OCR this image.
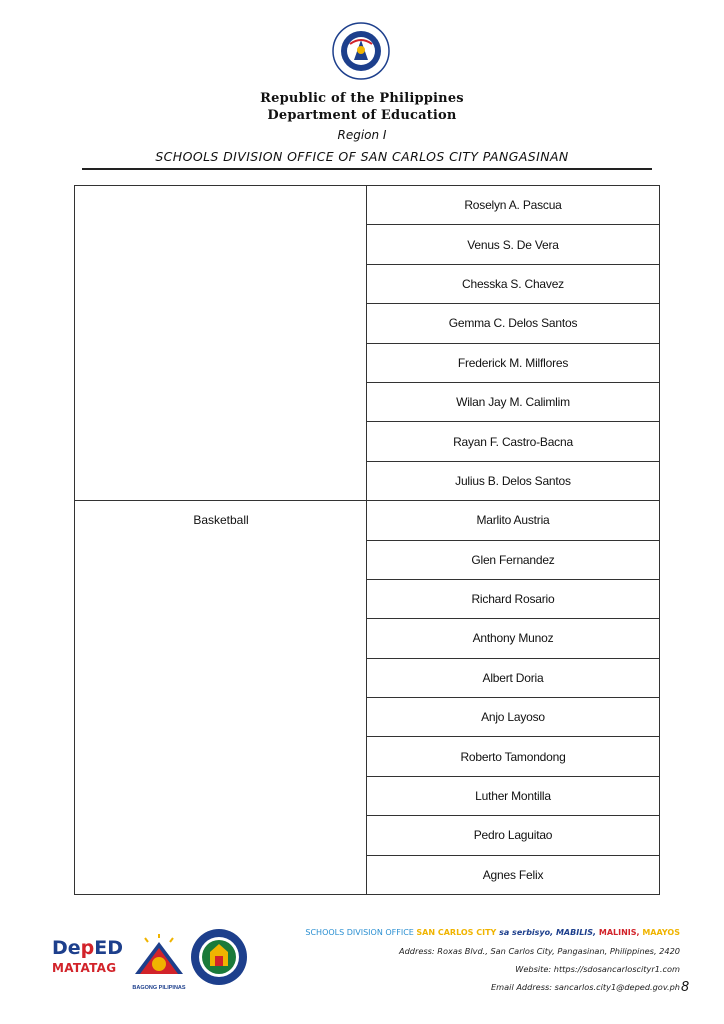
Republic of the Philippines
Department of Education
Region I
SCHOOLS DIVISION OFFICE OF SAN CARLOS CITY PANGASINAN
Basketball
Roselyn A. Pascua
Venus S. De Vera
Chesska S. Chavez
Gemma C. Delos Santos
Frederick M. Milflores
Wilan Jay M. Calimlim
Rayan F. Castro-Bacna
Julius B. Delos Santos
Marlito Austria
Glen Fernandez
Richard Rosario
Anthony Munoz
Albert Doria
Anjo Layoso
Roberto Tamondong
Luther Montilla
Pedro Laguitao
Agnes Felix
DepED
MATATAG
BAGONG PILIPINAS
SCHOOLS DIVISION OFFICE SAN CARLOS CITY sa serbisyo, MABILIS, MALINIS, MAAYOS
Address: Roxas Blvd., San Carlos City, Pangasinan, Philippines, 2420
Website: https://sdosancarloscityr1.com
Email Address: sancarlos.city1@deped.gov.ph 8
